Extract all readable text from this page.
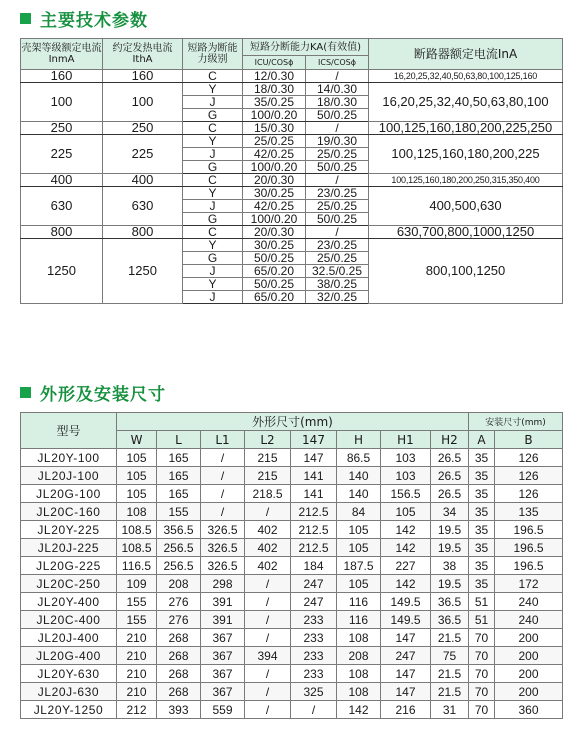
主要技术参数
壳架等级额定电流InmA	约定发热电流IthA	短路为断能力级别	短路分断能力KA(有效值)		断路器额定电流InA
			ICU/COSϕ	ICS/COSϕ	
160	160	C	12/0.30	/	16,20,25,32,40,50,63,80,100,125,160
100	100	Y	18/0.30	14/0.30	16,20,25,32,40,50,63,80,100
		J	35/0.25	18/0.30	
		G	100/0.20	50/0.25	
250	250	C	15/0.30	/	100,125,160,180,200,225,250
225	225	Y	25/0.25	19/0.30	100,125,160,180,200,225
		J	42/0.25	25/0.25	
		G	100/0.20	50/0.25	
400	400	C	20/0.30	/	100,125,160,180,200,250,315,350,400
630	630	Y	30/0.25	23/0.25	400,500,630
		J	42/0.25	25/0.25	
		G	100/0.20	50/0.25	
800	800	C	20/0.30	/	630,700,800,1000,1250
1250	1250	Y	30/0.25	23/0.25	800,100,1250
		G	50/0.25	25/0.25	
		J	65/0.20	32.5/0.25	
		Y	50/0.25	38/0.25	
		J	65/0.20	32/0.25	
外形及安装尺寸
型号	外形尺寸(mm)								安装尺寸(mm)	
	W	L	L1	L2	147	H	H1	H2	A	B
JL20Y-100	105	165	/	215	147	86.5	103	26.5	35	126
JL20J-100	105	165	/	215	141	140	103	26.5	35	126
JL20G-100	105	165	/	218.5	141	140	156.5	26.5	35	126
JL20C-160	108	155	/	/	212.5	84	105	34	35	135
JL20Y-225	108.5	356.5	326.5	402	212.5	105	142	19.5	35	196.5
JL20J-225	108.5	256.5	326.5	402	212.5	105	142	19.5	35	196.5
JL20G-225	116.5	256.5	326.5	402	184	187.5	227	38	35	196.5
JL20C-250	109	208	298	/	247	105	142	19.5	35	172
JL20Y-400	155	276	391	/	247	116	149.5	36.5	51	240
JL20C-400	155	276	391	/	233	116	149.5	36.5	51	240
JL20J-400	210	268	367	/	233	108	147	21.5	70	200
JL20G-400	210	268	367	394	233	208	247	75	70	200
JL20Y-630	210	268	367	/	233	108	147	21.5	70	200
JL20J-630	210	268	367	/	325	108	147	21.5	70	200
JL20Y-1250	212	393	559	/	/	142	216	31	70	360
